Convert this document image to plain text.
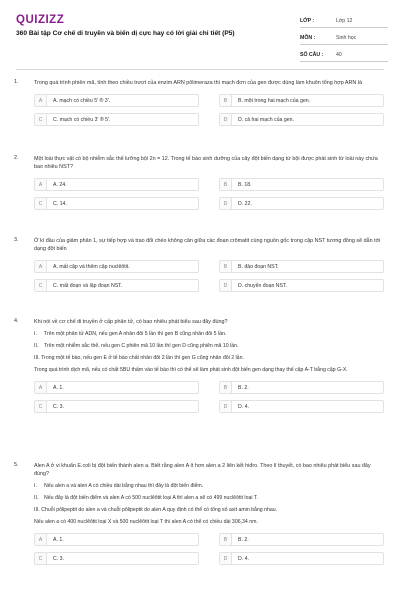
QUIZIZZ
360 Bài tập Cơ chế di truyền và biến dị cực hay có lời giải chi tiết (P5)
LỚP :	Lớp 12
MÔN :	Sinh học
SỐ CÂU :	40
1.	Trong quá trình phiên mã, tính theo chiều trượt của enzim ARN pôlimeraza thì mạch đơn của gen được dùng làm khuôn tổng hợp ARN là
A	A. mạch có chiều 5' ® 3'.	B	B. một trong hai mạch của gen.
C	C. mạch có chiều 3' ® 5'.	D	D. cả hai mạch của gen.
2.	Một loài thực vật có bộ nhiễm sắc thể lưỡng bội 2n = 12. Trong tế bào sinh dưỡng của cây đột biến dạng tứ bội được phát sinh từ loài này chứa bao nhiêu NST?
A	A. 24.	B	B. 18.
C	C. 14.	D	D. 22.
3.	Ở kì đầu của giảm phân 1, sự tiếp hợp và trao đổi chéo không cân giữa các đoạn crômatit cùng nguồn gốc trong cặp NST tương đồng sẽ dẫn tới dạng đột biến
A	A. mất cặp và thêm cặp nuclêôtit.	B	B. đảo đoạn NST.
C	C. mất đoạn và lặp đoạn NST.	D	D. chuyển đoạn NST.
4.	Khi nói về cơ chế di truyền ở cấp phân tử, có bao nhiêu phát biểu sau đây đúng?
I. Trên một phân tử ADN, nếu gen A nhân đôi 5 lần thì gen B cũng nhân đôi 5 lần.
II. Trên một nhiễm sắc thể, nếu gen C phiên mã 10 lần thì gen D cũng phiên mã 10 lần.
III. Trong một tế bào, nếu gen E ở tế bào chất nhân đôi 2 lần thì gen G cũng nhân đôi 2 lần.
Trong quá trình dịch mã, nếu có chất 5BU thấm vào tế bào thì có thể sẽ làm phát sinh đột biến gen dạng thay thế cặp A-T bằng cặp G-X.
A	A. 1.	B	B. 2.
C	C. 3.	D	D. 4.
5.	Alen A ở vi khuẩn E.coli bị đột biến thành alen a. Biết rằng alen A ít hơn alen a 2 liên kết hiđro. Theo lí thuyết, có bao nhiêu phát biểu sau đây đúng?
I. Nếu alen a và alen A có chiều dài bằng nhau thì đây là đột biến điểm.
II. Nếu đây là đột biến điểm và alen A có 500 nuclêôtit loại A thì alen a sẽ có 499 nuclêôtit loại T.
III. Chuỗi pôlipeptit do alen a và chuỗi pôlipeptit do alen A quy định có thể có tổng số axit amin bằng nhau.
Nếu alen a có 400 nuclêôtit loại X và 500 nuclêôtit loại T thì alen A có thể có chiều dài 306,34 nm.
A	A. 1.	B	B. 2.
C	C. 3.	D	D. 4.
